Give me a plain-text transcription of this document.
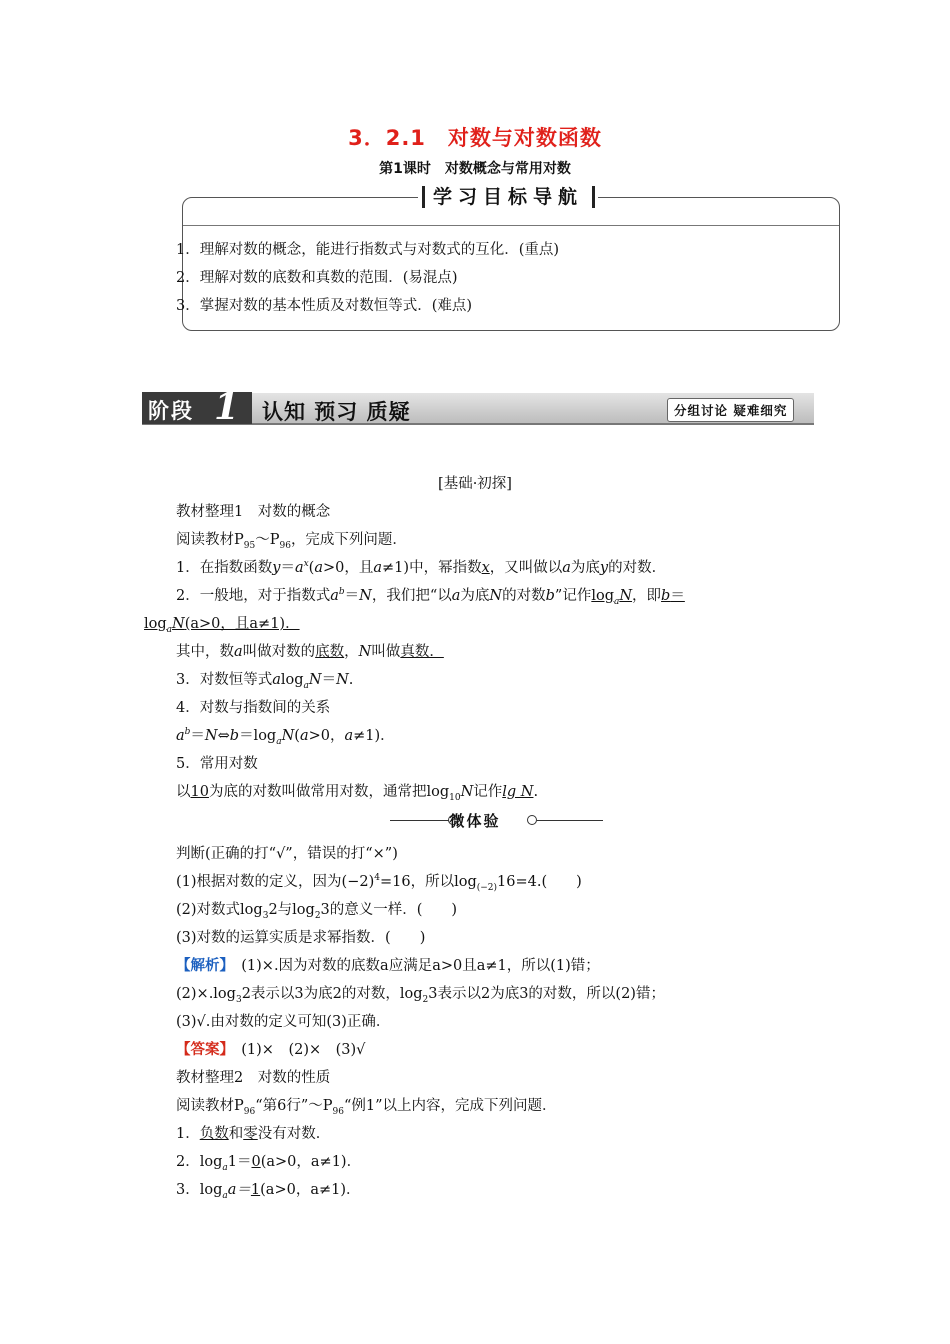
3．2.1　对数与对数函数
第1课时　对数概念与常用对数
学习目标导航
1．理解对数的概念，能进行指数式与对数式的互化．(重点)
2．理解对数的底数和真数的范围．(易混点)
3．掌握对数的基本性质及对数恒等式．(难点)
阶段 1 认知 预习 质疑	分组讨论 疑难细究
[基础·初探]
教材整理1　对数的概念
阅读教材$P_{95}\sim P_{96}$，完成下列问题．
1．在指数函数$y=a^x(a>0$，且a≠1)中，幂指数x，又叫做以a为底y的对数．
2．一般地，对于指数式$a^b=N$，我们把“以a为底N的对数b”记作$\log_aN$，即b＝
$\log_aN(a>0$，且a≠1)．
其中，数a叫做对数的底数，N叫做真数．
3．对数恒等式alog$_a$N＝N.
4．对数与指数间的关系
$a^b=N\Leftrightarrow b=\log_aN(a>0$，a≠1)．
5．常用对数
以10为底的对数叫做常用对数，通常把$\log_{10}N$记作lg N.
微体验
判断(正确的打“√”，错误的打“×”)
(1)根据对数的定义，因为$(-2)^4=16$，所以$\log_{(-2)}16=4$.(　　)
(2)对数式$\log_32$与$\log_23$的意义一样．(　　)
(3)对数的运算实质是求幂指数．(　　)
【解析】　(1)×.因为对数的底数a应满足a>0且a≠1，所以(1)错；
$(2)\times.\log_32$表示以3为底2的对数，$\log_23$表示以2为底3的对数，所以(2)错；
(3)√.由对数的定义可知(3)正确．
【答案】　(1)×　(2)×　(3)√
教材整理2　对数的性质
阅读教材$P_{96}“$第6行$”\sim P_{96}“$例1”以上内容，完成下列问题．
1．负数和零没有对数．
2．$\log_a1=0(a>0$，a≠1)．
3．$\log_aa=1(a>0$，a≠1)．
